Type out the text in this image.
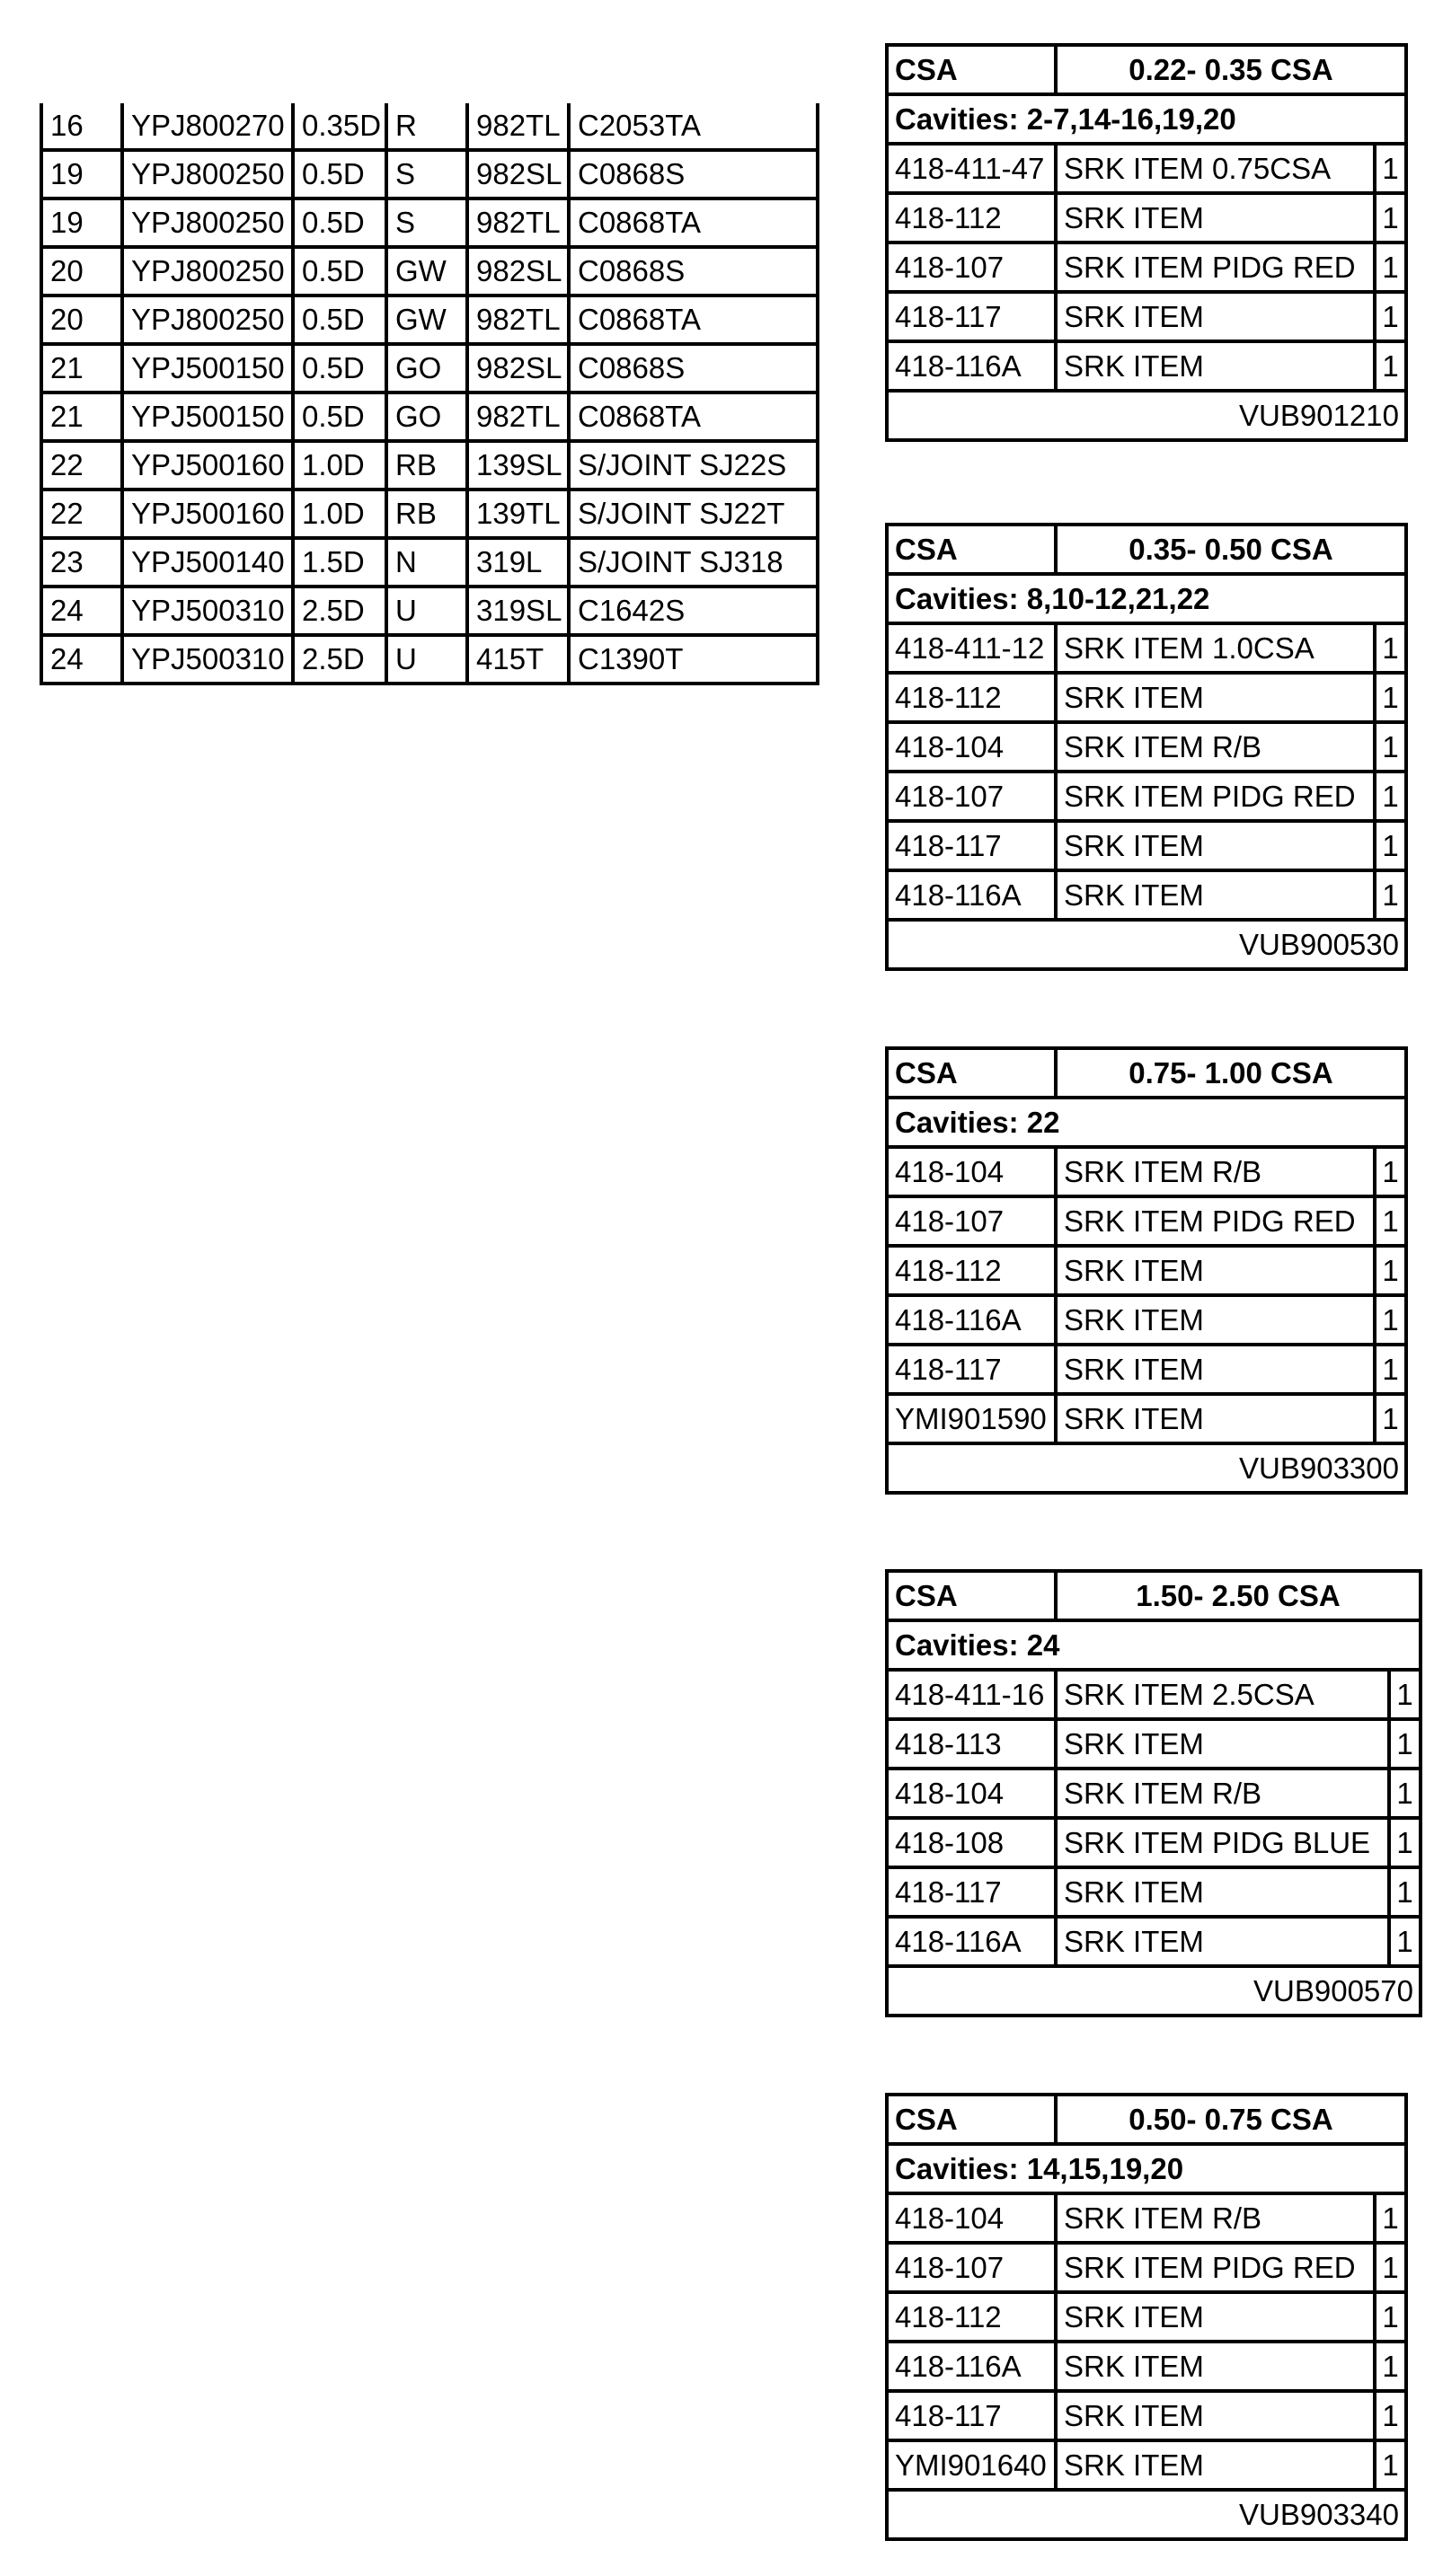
16	YPJ800270	0.35D	R	982TL	C2053TA
19	YPJ800250	0.5D	S	982SL	C0868S
19	YPJ800250	0.5D	S	982TL	C0868TA
20	YPJ800250	0.5D	GW	982SL	C0868S
20	YPJ800250	0.5D	GW	982TL	C0868TA
21	YPJ500150	0.5D	GO	982SL	C0868S
21	YPJ500150	0.5D	GO	982TL	C0868TA
22	YPJ500160	1.0D	RB	139SL	S/JOINT SJ22S
22	YPJ500160	1.0D	RB	139TL	S/JOINT SJ22T
23	YPJ500140	1.5D	N	319L	S/JOINT SJ318
24	YPJ500310	2.5D	U	319SL	C1642S
24	YPJ500310	2.5D	U	415T	C1390T
CSA	0.22- 0.35 CSA	
Cavities: 2-7,14-16,19,20		
418-411-47	SRK ITEM 0.75CSA	1
418-112	SRK ITEM	1
418-107	SRK ITEM PIDG RED	1
418-117	SRK ITEM	1
418-116A	SRK ITEM	1
VUB901210		
CSA	0.35- 0.50 CSA	
Cavities: 8,10-12,21,22		
418-411-12	SRK ITEM 1.0CSA	1
418-112	SRK ITEM	1
418-104	SRK ITEM R/B	1
418-107	SRK ITEM PIDG RED	1
418-117	SRK ITEM	1
418-116A	SRK ITEM	1
VUB900530		
CSA	0.75- 1.00 CSA	
Cavities: 22		
418-104	SRK ITEM R/B	1
418-107	SRK ITEM PIDG RED	1
418-112	SRK ITEM	1
418-116A	SRK ITEM	1
418-117	SRK ITEM	1
YMI901590	SRK ITEM	1
VUB903300		
CSA	1.50- 2.50 CSA	
Cavities: 24		
418-411-16	SRK ITEM 2.5CSA	1
418-113	SRK ITEM	1
418-104	SRK ITEM R/B	1
418-108	SRK ITEM PIDG BLUE	1
418-117	SRK ITEM	1
418-116A	SRK ITEM	1
VUB900570		
CSA	0.50- 0.75 CSA	
Cavities: 14,15,19,20		
418-104	SRK ITEM R/B	1
418-107	SRK ITEM PIDG RED	1
418-112	SRK ITEM	1
418-116A	SRK ITEM	1
418-117	SRK ITEM	1
YMI901640	SRK ITEM	1
VUB903340		
